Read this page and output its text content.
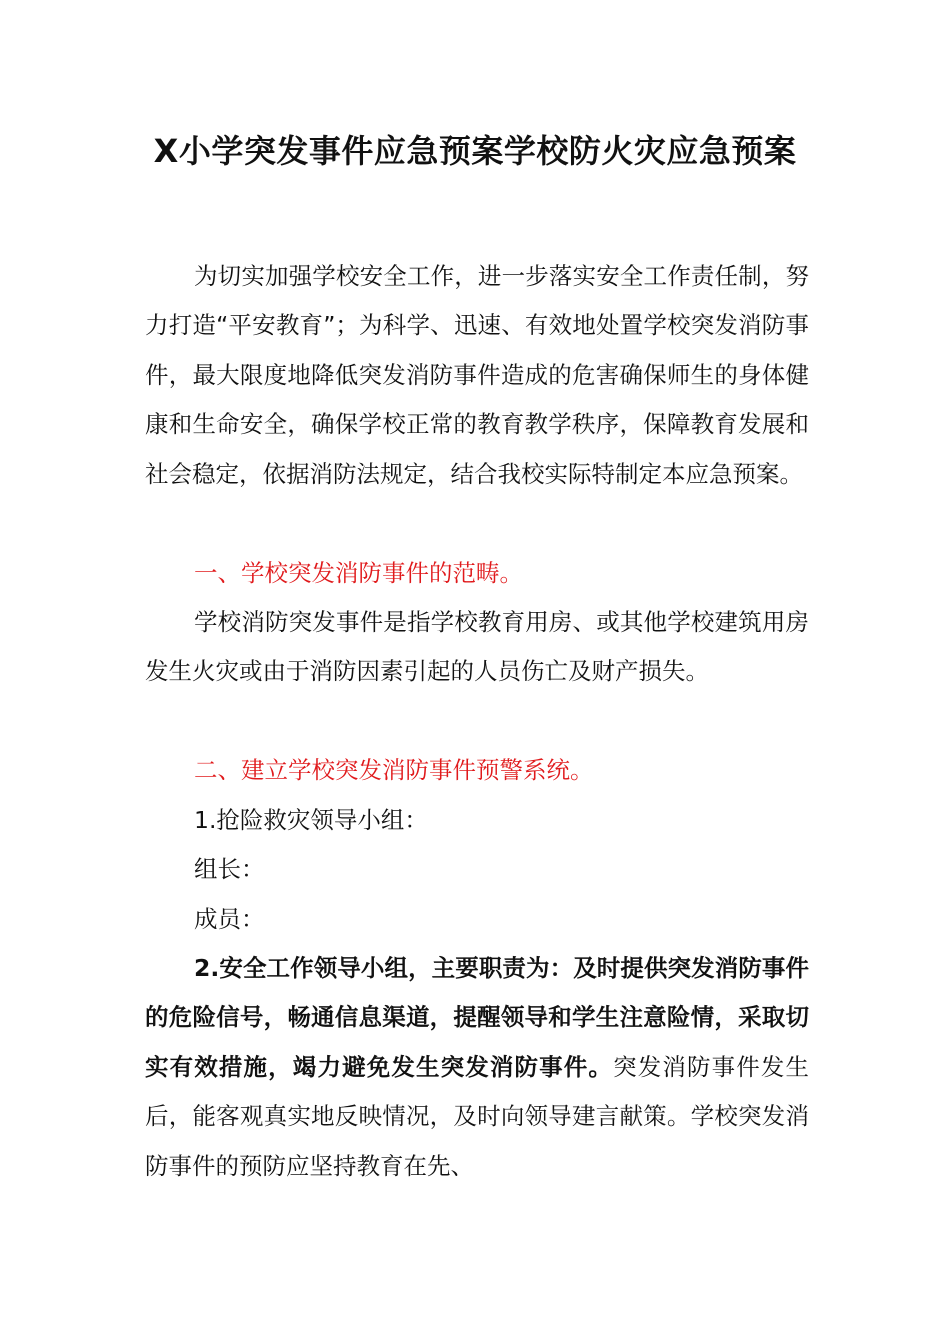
X小学突发事件应急预案学校防火灾应急预案

为切实加强学校安全工作，进一步落实安全工作责任制，努力打造“平安教育”；为科学、迅速、有效地处置学校突发消防事件，最大限度地降低突发消防事件造成的危害确保师生的身体健康和生命安全，确保学校正常的教育教学秩序，保障教育发展和社会稳定，依据消防法规定，结合我校实际特制定本应急预案。

一、学校突发消防事件的范畴。

学校消防突发事件是指学校教育用房、或其他学校建筑用房发生火灾或由于消防因素引起的人员伤亡及财产损失。

二、建立学校突发消防事件预警系统。

1.抢险救灾领导小组：

组长：

成员：

2.安全工作领导小组，主要职责为：及时提供突发消防事件的危险信号，畅通信息渠道，提醒领导和学生注意险情，采取切实有效措施，竭力避免发生突发消防事件。突发消防事件发生后，能客观真实地反映情况，及时向领导建言献策。学校突发消防事件的预防应坚持教育在先、
